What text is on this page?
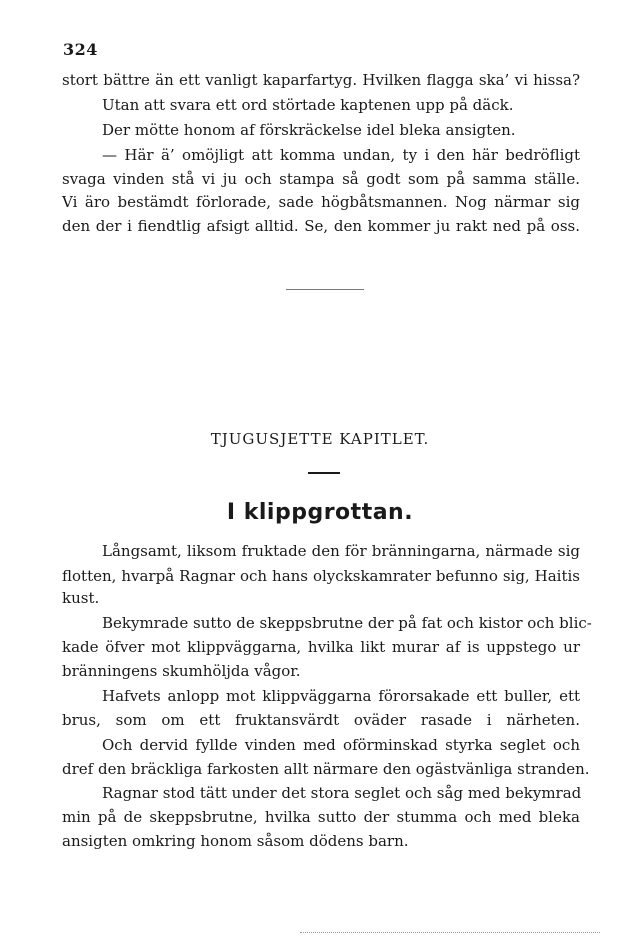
324
stort bättre än ett vanligt kaparfartyg. Hvilken flagga ska’ vi hissa?
Utan att svara ett ord störtade kaptenen upp på däck.
Der mötte honom af förskräckelse idel bleka ansigten.
— Här ä’ omöjligt att komma undan, ty i den här bedröfligt
svaga vinden stå vi ju och stampa så godt som på samma ställe.
Vi äro bestämdt förlorade, sade högbåtsmannen. Nog närmar sig
den der i fiendtlig afsigt alltid. Se, den kommer ju rakt ned på oss.
TJUGUSJETTE KAPITLET.
I klippgrottan.
Långsamt, liksom fruktade den för bränningarna, närmade sig
flotten, hvarpå Ragnar och hans olyckskamrater befunno sig, Haitis
kust.
Bekymrade sutto de skeppsbrutne der på fat och kistor och blic-
kade öfver mot klippväggarna, hvilka likt murar af is uppstego ur
bränningens skumhöljda vågor.
Hafvets anlopp mot klippväggarna förorsakade ett buller, ett
brus, som om ett fruktansvärdt oväder rasade i närheten.
Och dervid fyllde vinden med oförminskad styrka seglet och
dref den bräckliga farkosten allt närmare den ogästvänliga stranden.
Ragnar stod tätt under det stora seglet och såg med bekymrad
min på de skeppsbrutne, hvilka sutto der stumma och med bleka
ansigten omkring honom såsom dödens barn.
